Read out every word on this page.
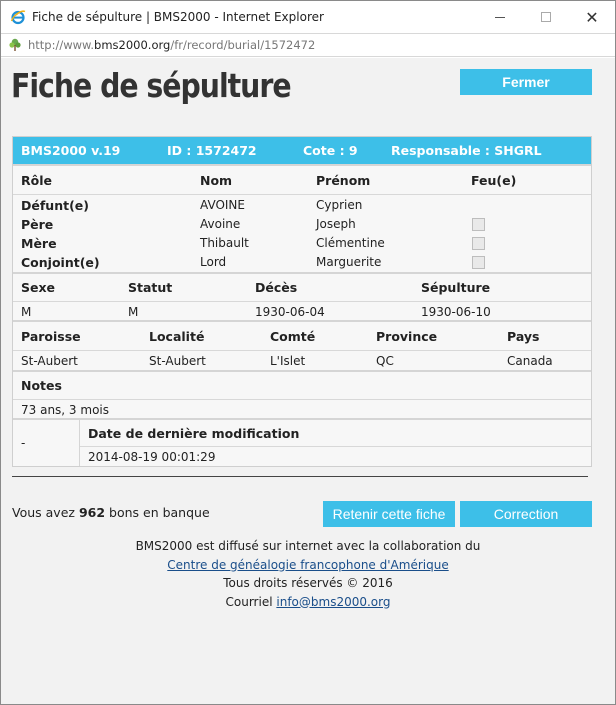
Fiche de sépulture | BMS2000 - Internet Explorer	✕
http://www.bms2000.org/fr/record/burial/1572472
Fiche de sépulture	Fermer
BMS2000 v.19	ID : 1572472	Cote : 9	Responsable : SHGRL
Rôle	Nom	Prénom	Feu(e)
Défunt(e)	AVOINE	Cyprien
Père	Avoine	Joseph
Mère	Thibault	Clémentine
Conjoint(e)	Lord	Marguerite
Sexe	Statut	Décès	Sépulture
M	M	1930-06-04	1930-06-10
Paroisse	Localité	Comté	Province	Pays
St-Aubert	St-Aubert	L'Islet	QC	Canada
Notes
73 ans, 3 mois
-
Date de dernière modification
2014-08-19 00:01:29
Vous avez 962 bons en banque	Retenir cette fiche	Correction
BMS2000 est diffusé sur internet avec la collaboration du
Centre de généalogie francophone d'Amérique
Tous droits réservés © 2016
Courriel info@bms2000.org
